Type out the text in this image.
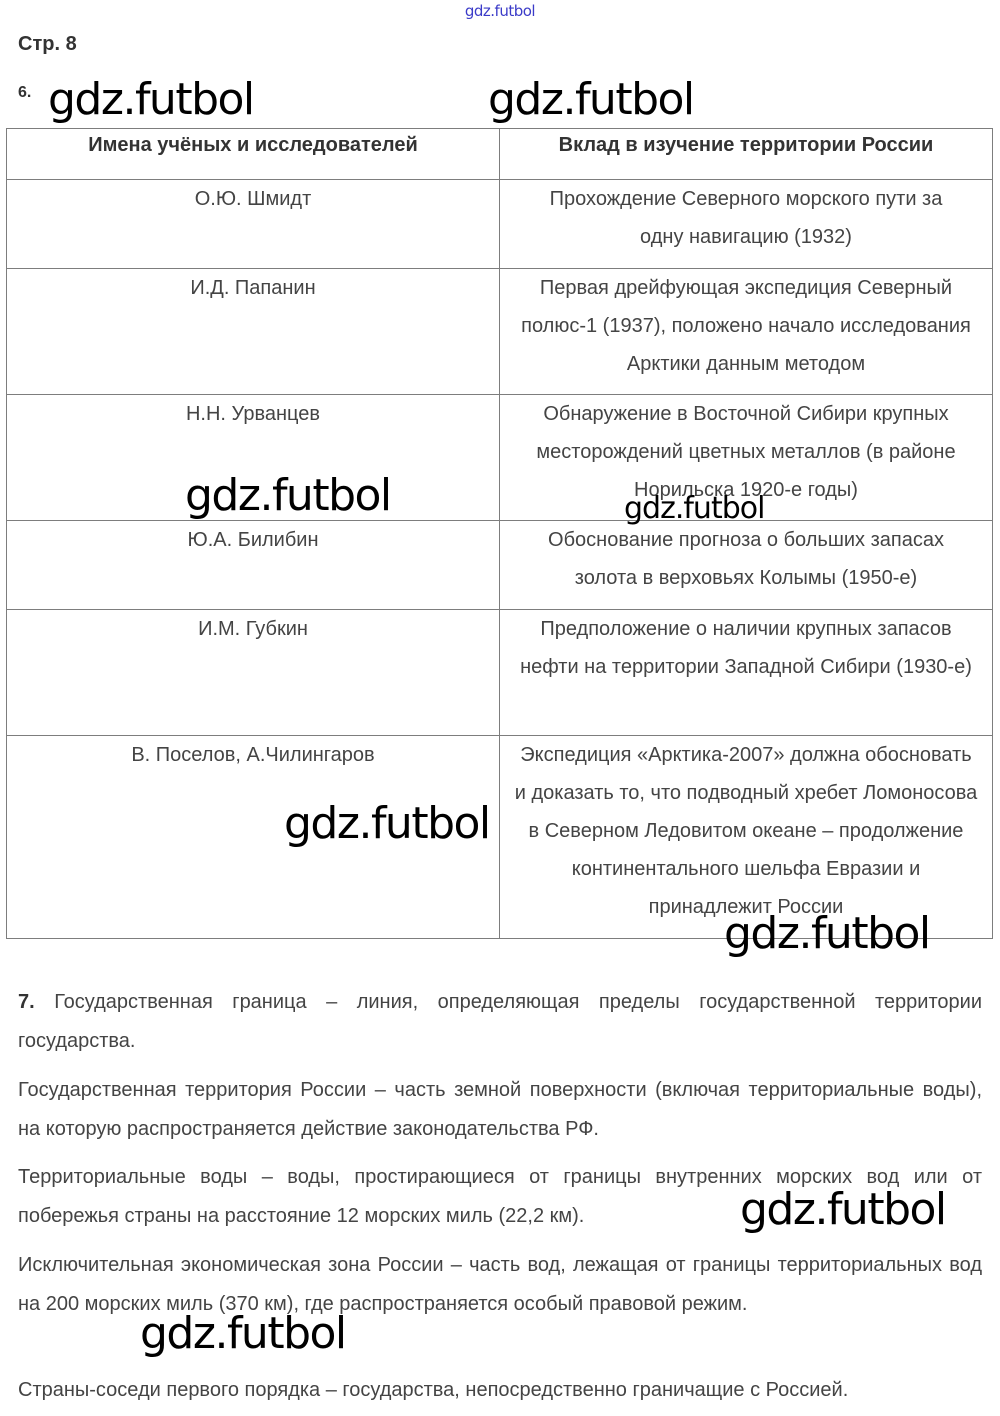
gdz.futbol
Стр. 8
6.
Имена учёных и исследователей	Вклад в изучение территории России
О.Ю. Шмидт	Прохождение Северного морского пути за одну навигацию (1932)
И.Д. Папанин	Первая дрейфующая экспедиция Северный полюс-1 (1937), положено начало исследования Арктики данным методом
Н.Н. Урванцев	Обнаружение в Восточной Сибири крупных месторождений цветных металлов (в районе Норильска 1920-е годы)
Ю.А. Билибин	Обоснование прогноза о больших запасах золота в верховьях Колымы (1950-е)
И.М. Губкин	Предположение о наличии крупных запасов нефти на территории Западной Сибири (1930-е)
В. Поселов, А.Чилингаров	Экспедиция «Арктика-2007» должна обосновать и доказать то, что подводный хребет Ломоносова в Северном Ледовитом океане – продолжение континентального шельфа Евразии и принадлежит России
7. Государственная граница – линия, определяющая пределы государственной территории государства.
Государственная территория России – часть земной поверхности (включая территориальные воды), на которую распространяется действие законодательства РФ.
Территориальные воды – воды, простирающиеся от границы внутренних морских вод или от побережья страны на расстояние 12 морских миль (22,2 км).
Исключительная экономическая зона России – часть вод, лежащая от границы территориальных вод на 200 морских миль (370 км), где распространяется особый правовой режим.
Страны-соседи первого порядка – государства, непосредственно граничащие с Россией.
gdz.futbol	gdz.futbol
gdz.futbol	gdz.futbol
gdz.futbol
gdz.futbol
gdz.futbol
gdz.futbol
